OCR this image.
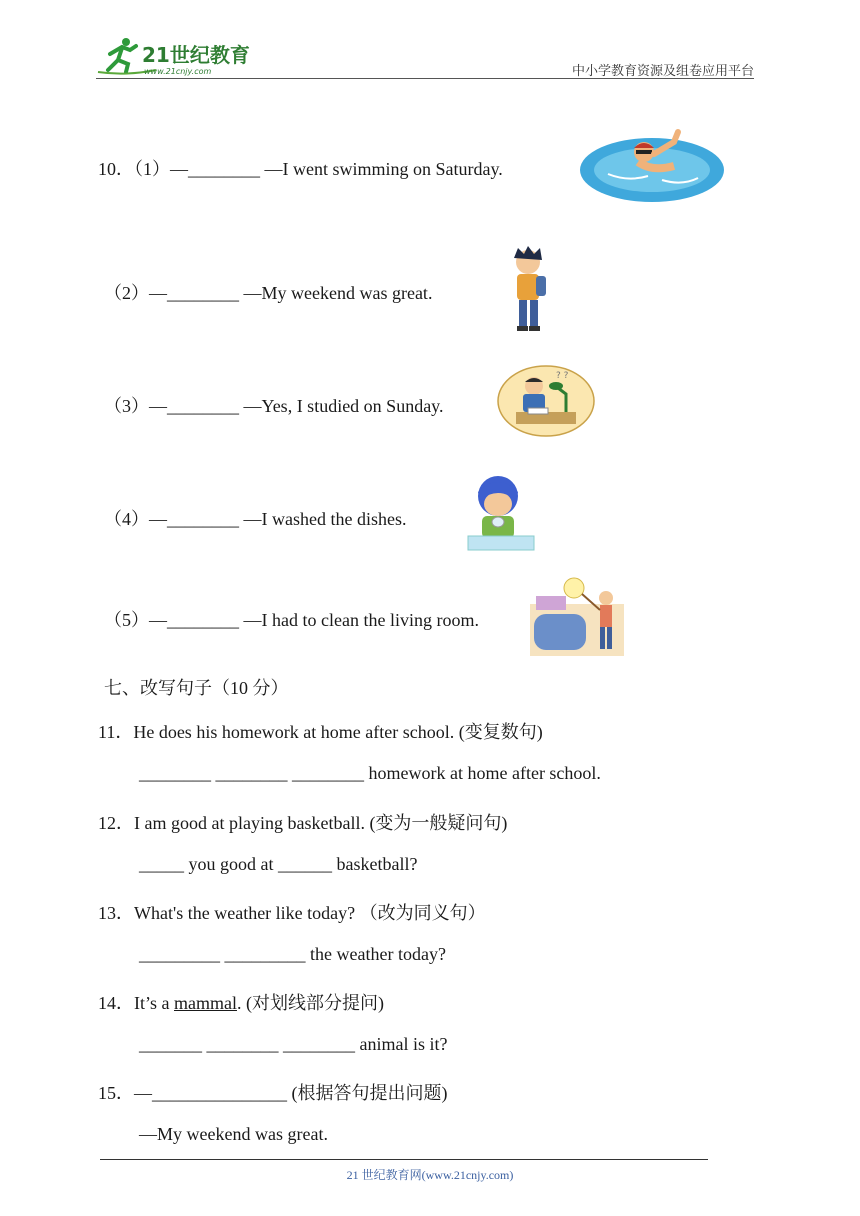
21世纪教育
www.21cnjy.com	中小学教育资源及组卷应用平台
10．（1）—________ —I went swimming on Saturday.
（2）—________ —My weekend was great.
（3）—________ —Yes, I studied on Sunday.
? ?
（4）—________ —I washed the dishes.
（5）—________ —I had to clean the living room.
七、改写句子（10 分）
11．He does his homework at home after school. (变复数句)
________ ________ ________ homework at home after school.
12．I am good at playing basketball. (变为一般疑问句)
_____ you good at ______ basketball?
13．What's the weather like today? （改为同义句）
_________ _________ the weather today?
14．It’s a mammal. (对划线部分提问)
_______ ________ ________ animal is it?
15．—_______________ (根据答句提出问题)
—My weekend was great.
21 世纪教育网(www.21cnjy.com)
